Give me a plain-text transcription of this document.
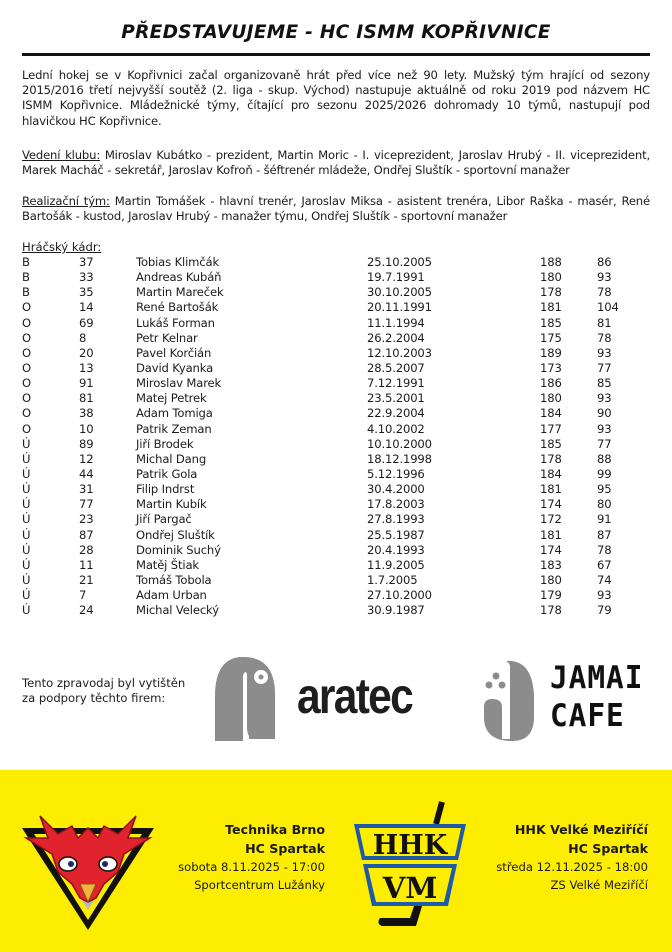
PŘEDSTAVUJEME - HC ISMM KOPŘIVNICE

Lední hokej se v Kopřivnici začal organizovaně hrát před více než 90 lety. Mužský tým hrající od sezony 2015/2016 třetí nejvyšší soutěž (2. liga - skup. Východ) nastupuje aktuálně od roku 2019 pod názvem HC ISMM Kopřivnice. Mládežnické týmy, čítající pro sezonu 2025/2026 dohromady 10 týmů, nastupují pod hlavičkou HC Kopřivnice.

Vedení klubu: Miroslav Kubátko - prezident, Martin Moric - I. viceprezident, Jaroslav Hrubý - II. viceprezident, Marek Macháč - sekretář, Jaroslav Kofroň - šéftrenér mládeže, Ondřej Sluštík - sportovní manažer

Realizační tým: Martin Tomášek - hlavní trenér, Jaroslav Miksa - asistent trenéra, Libor Raška - masér, René Bartošák - kustod, Jaroslav Hrubý - manažer týmu, Ondřej Sluštík - sportovní manažer

Hráčský kádr:
B	37	Tobias Klimčák	25.10.2005	188	86
B	33	Andreas Kubáň	19.7.1991	180	93
B	35	Martin Mareček	30.10.2005	178	78
O	14	René Bartošák	20.11.1991	181	104
O	69	Lukáš Forman	11.1.1994	185	81
O	8	Petr Kelnar	26.2.2004	175	78
O	20	Pavel Korčián	12.10.2003	189	93
O	13	David Kyanka	28.5.2007	173	77
O	91	Miroslav Marek	7.12.1991	186	85
O	81	Matej Petrek	23.5.2001	180	93
O	38	Adam Tomiga	22.9.2004	184	90
O	10	Patrik Zeman	4.10.2002	177	93
Ú	89	Jiří Brodek	10.10.2000	185	77
Ú	12	Michal Dang	18.12.1998	178	88
Ú	44	Patrik Gola	5.12.1996	184	99
Ú	31	Filip Indrst	30.4.2000	181	95
Ú	77	Martin Kubík	17.8.2003	174	80
Ú	23	Jiří Pargač	27.8.1993	172	91
Ú	87	Ondřej Sluštík	25.5.1987	181	87
Ú	28	Dominik Suchý	20.4.1993	174	78
Ú	11	Matěj Štiak	11.9.2005	183	67
Ú	21	Tomáš Tobola	1.7.2005	180	74
Ú	7	Adam Urban	27.10.2000	179	93
Ú	24	Michal Velecký	30.9.1987	178	79
Tento zpravodaj byl vytištěn za podpory těchto firem:	aratec	JAMAI
CAFE
Technika Brno
HC Spartak
sobota 8.11.2025 - 17:00
Sportcentrum Lužánky
HHK
VM
HHK Velké Meziříčí
HC Spartak
středa 12.11.2025 - 18:00
ZS Velké Meziříčí
